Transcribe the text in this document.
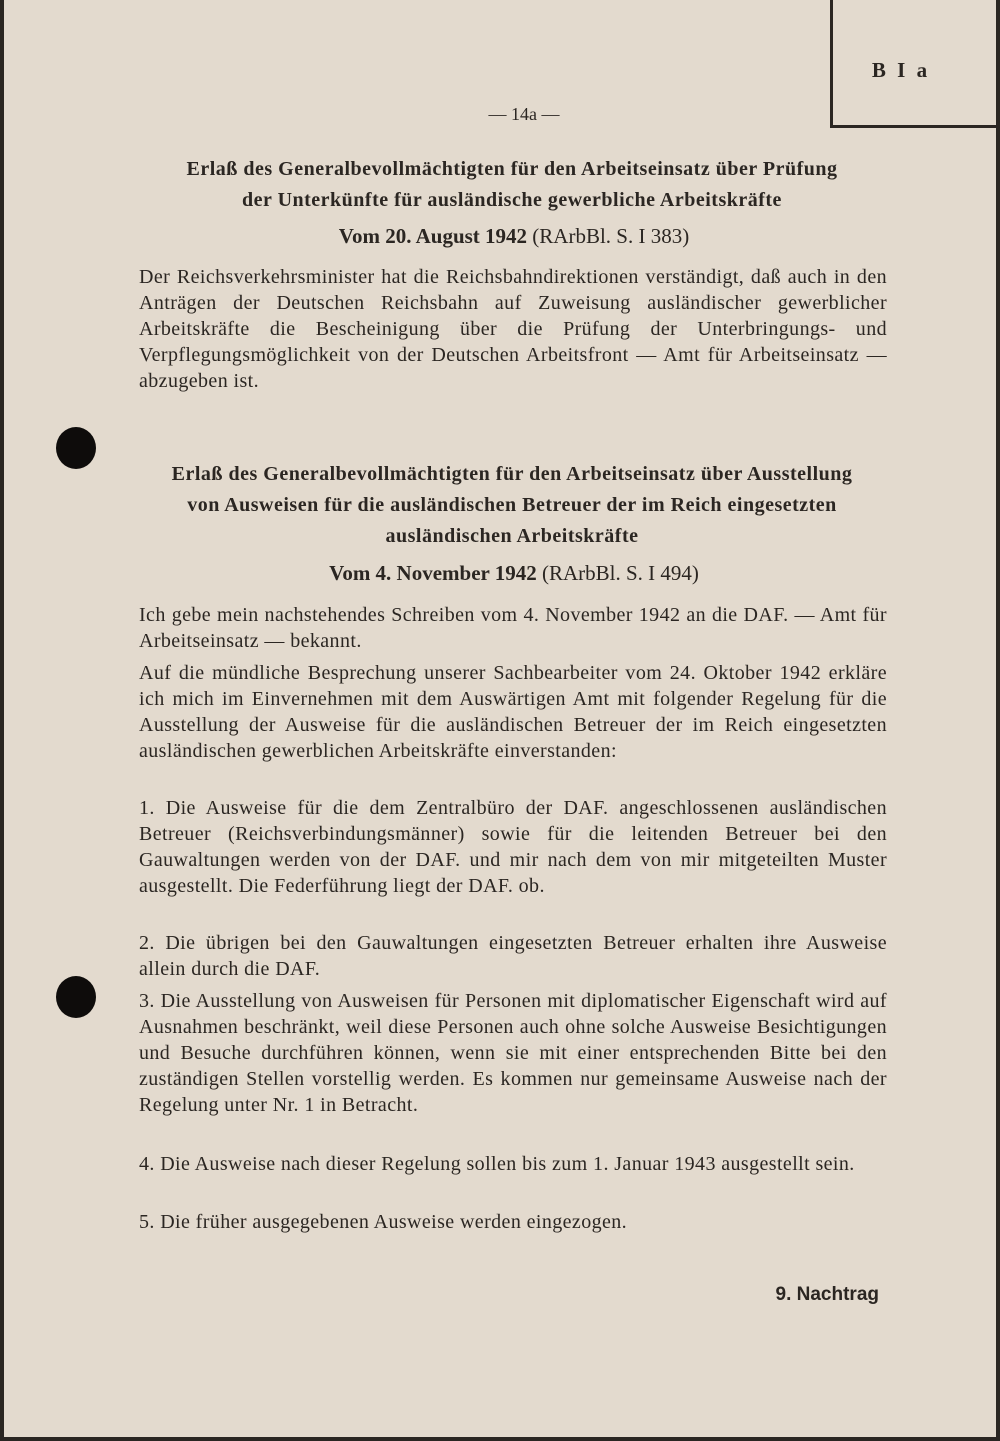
B I a
— 14a —
Erlaß des Generalbevollmächtigten für den Arbeitseinsatz über Prüfung
der Unterkünfte für ausländische gewerbliche Arbeitskräfte
Vom 20. August 1942 (RArbBl. S. I 383)
Der Reichsverkehrsminister hat die Reichsbahndirektionen verständigt, daß auch in den Anträgen der Deutschen Reichsbahn auf Zuweisung ausländischer gewerblicher Arbeitskräfte die Bescheinigung über die Prüfung der Unterbringungs- und Verpflegungsmöglichkeit von der Deutschen Arbeitsfront — Amt für Arbeitseinsatz — abzugeben ist.
Erlaß des Generalbevollmächtigten für den Arbeitseinsatz über Ausstellung
von Ausweisen für die ausländischen Betreuer der im Reich eingesetzten
ausländischen Arbeitskräfte
Vom 4. November 1942 (RArbBl. S. I 494)
Ich gebe mein nachstehendes Schreiben vom 4. November 1942 an die DAF. — Amt für Arbeitseinsatz — bekannt.
Auf die mündliche Besprechung unserer Sachbearbeiter vom 24. Oktober 1942 erkläre ich mich im Einvernehmen mit dem Auswärtigen Amt mit folgender Regelung für die Ausstellung der Ausweise für die ausländischen Betreuer der im Reich eingesetzten ausländischen gewerblichen Arbeitskräfte einverstanden:
1. Die Ausweise für die dem Zentralbüro der DAF. angeschlossenen ausländischen Betreuer (Reichsverbindungsmänner) sowie für die leitenden Betreuer bei den Gauwaltungen werden von der DAF. und mir nach dem von mir mitgeteilten Muster ausgestellt. Die Federführung liegt der DAF. ob.
2. Die übrigen bei den Gauwaltungen eingesetzten Betreuer erhalten ihre Ausweise allein durch die DAF.
3. Die Ausstellung von Ausweisen für Personen mit diplomatischer Eigenschaft wird auf Ausnahmen beschränkt, weil diese Personen auch ohne solche Ausweise Besichtigungen und Besuche durchführen können, wenn sie mit einer entsprechenden Bitte bei den zuständigen Stellen vorstellig werden. Es kommen nur gemeinsame Ausweise nach der Regelung unter Nr. 1 in Betracht.
4. Die Ausweise nach dieser Regelung sollen bis zum 1. Januar 1943 ausgestellt sein.
5. Die früher ausgegebenen Ausweise werden eingezogen.
9. Nachtrag
